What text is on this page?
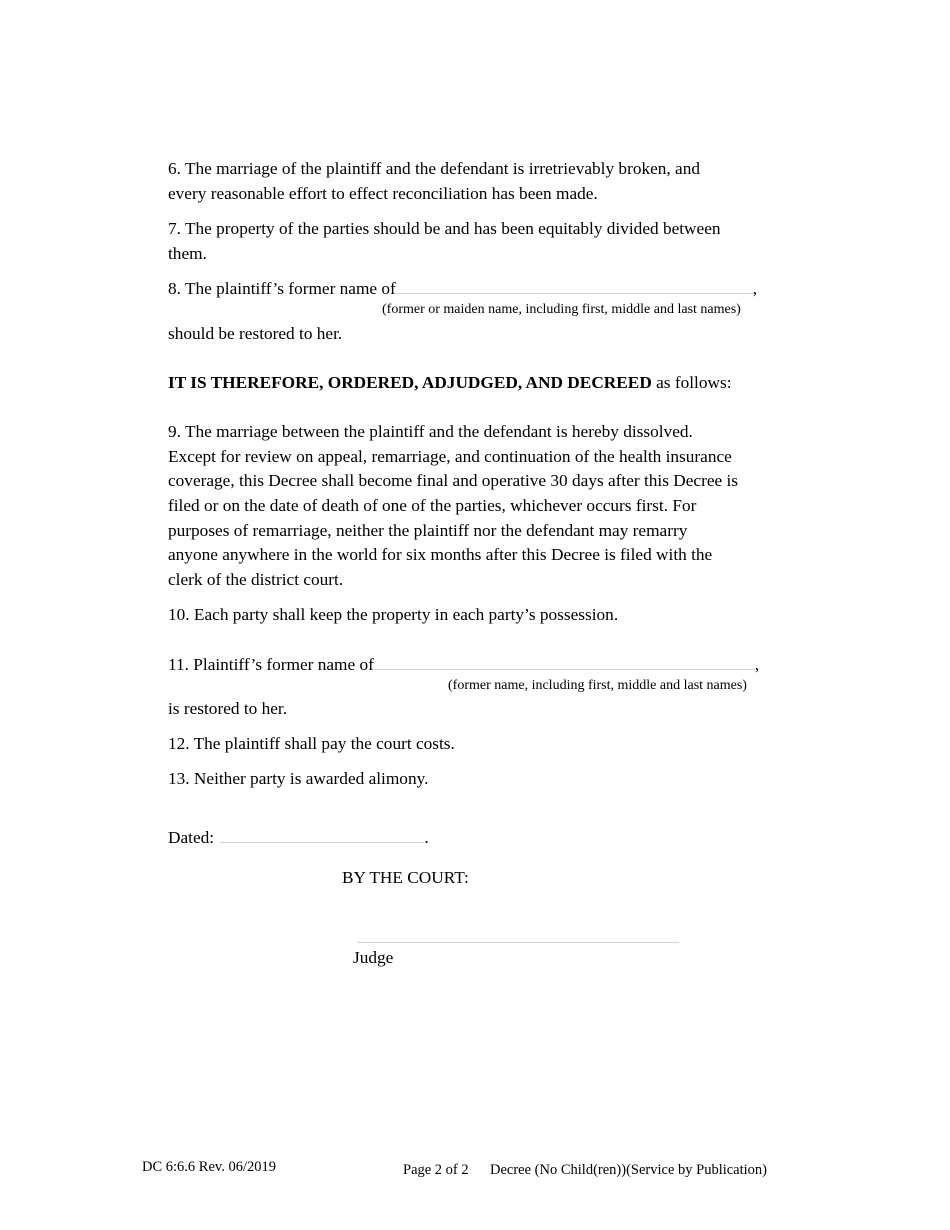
6. The marriage of the plaintiff and the defendant is irretrievably broken, and
every reasonable effort to effect reconciliation has been made.
7. The property of the parties should be and has been equitably divided between
them.
8. The plaintiff’s former name of	,
(former or maiden name, including first, middle and last names)
should be restored to her.
IT IS THEREFORE, ORDERED, ADJUDGED, AND DECREED as follows:
9. The marriage between the plaintiff and the defendant is hereby dissolved.
Except for review on appeal, remarriage, and continuation of the health insurance
coverage, this Decree shall become final and operative 30 days after this Decree is
filed or on the date of death of one of the parties, whichever occurs first. For
purposes of remarriage, neither the plaintiff nor the defendant may remarry
anyone anywhere in the world for six months after this Decree is filed with the
clerk of the district court.
10. Each party shall keep the property in each party’s possession.
11. Plaintiff’s former name of	,
(former name, including first, middle and last names)
is restored to her.
12. The plaintiff shall pay the court costs.
13. Neither party is awarded alimony.
Dated:	.
BY THE COURT:
Judge
DC 6:6.6 Rev. 06/2019	Page 2 of 2 Decree (No Child(ren))(Service by Publication)
